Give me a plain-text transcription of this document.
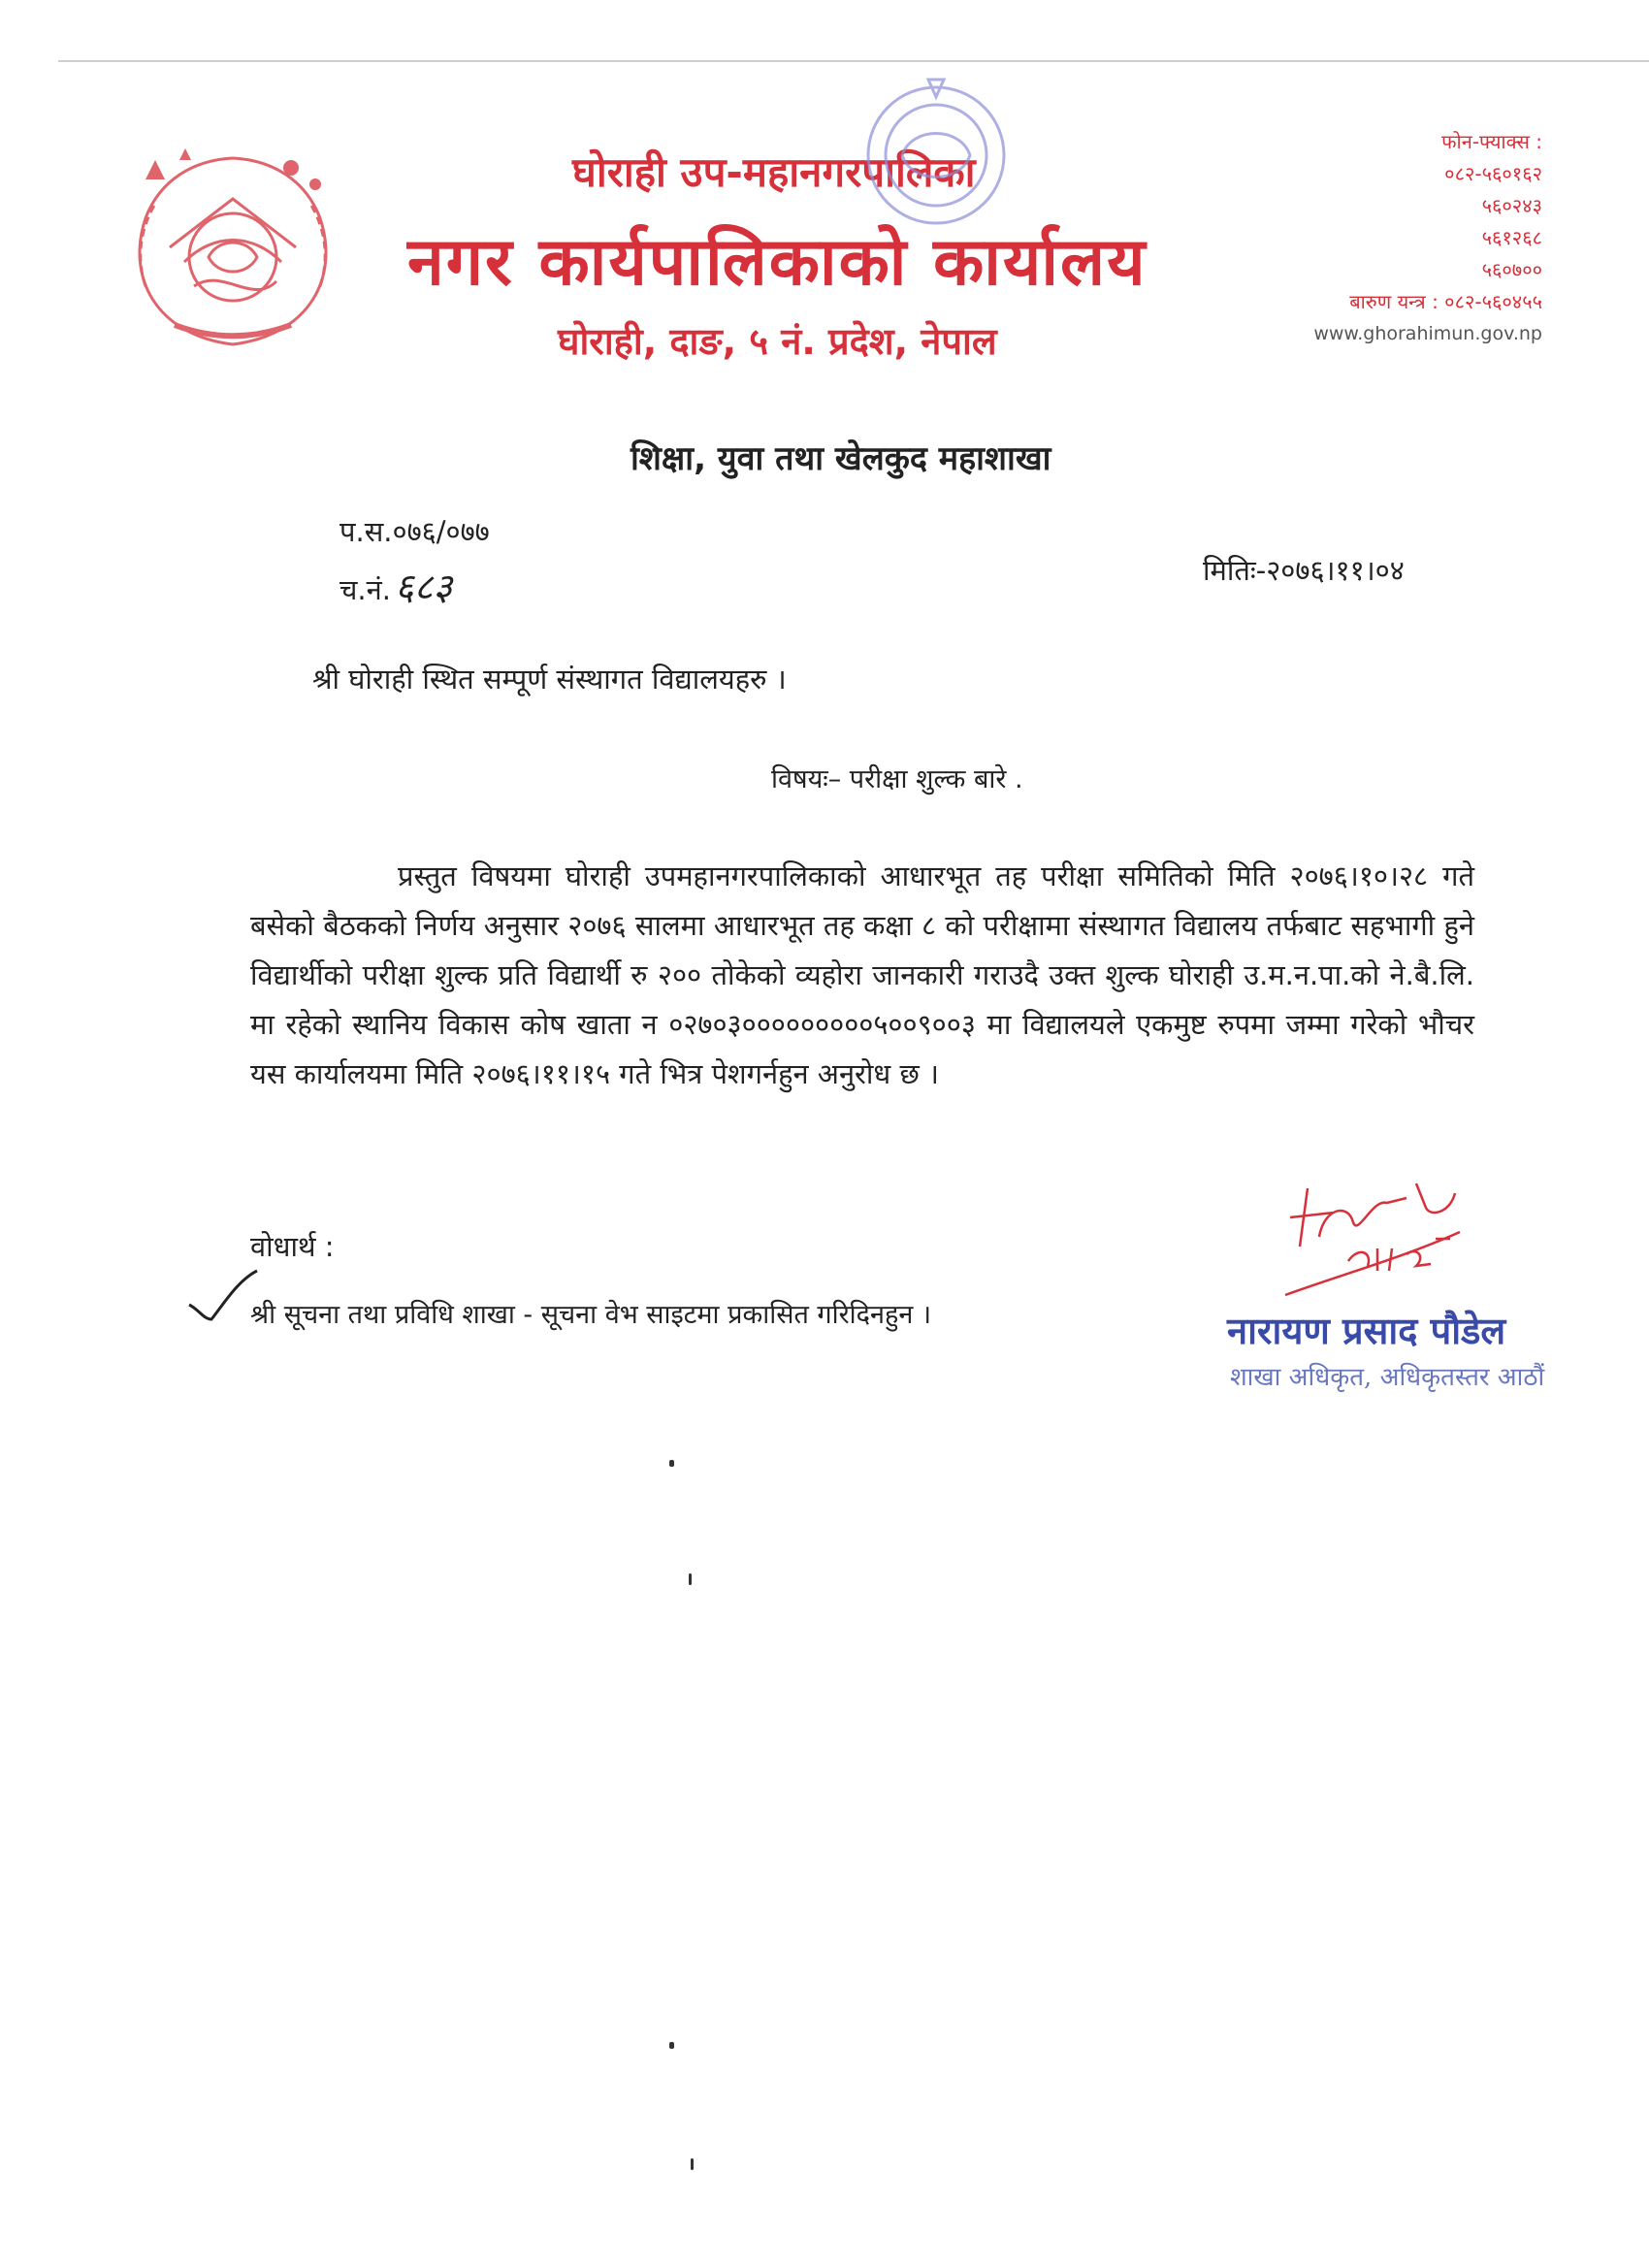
घोराही उप-महानगरपालिका
नगर कार्यपालिकाको कार्यालय
घोराही, दाङ, ५ नं. प्रदेश, नेपाल
फोन-फ्याक्स :
०८२-५६०१६२
५६०२४३
५६१२६८
५६०७००
बारुण यन्त्र : ०८२-५६०४५५
www.ghorahimun.gov.np
शिक्षा, युवा तथा खेलकुद महाशाखा
प.स.०७६/०७७
च.नं. ६८३	मितिः-२०७६।११।०४
श्री घोराही स्थित सम्पूर्ण संस्थागत विद्यालयहरु ।
विषयः– परीक्षा शुल्क बारे .

प्रस्तुत विषयमा घोराही उपमहानगरपालिकाको आधारभूत तह परीक्षा समितिको मिति २०७६।१०।२८ गते बसेको बैठकको निर्णय अनुसार २०७६ सालमा आधारभूत तह कक्षा ८ को परीक्षामा संस्थागत विद्यालय तर्फबाट सहभागी हुने विद्यार्थीको परीक्षा शुल्क प्रति विद्यार्थी रु २०० तोकेको व्यहोरा जानकारी गराउदै उक्त शुल्क घोराही उ.म.न.पा.को ने.बै.लि. मा रहेको स्थानिय विकास कोष खाता न ०२७०३०००००००००५००९००३ मा विद्यालयले एकमुष्ट रुपमा जम्मा गरेको भौचर यस कार्यालयमा मिति २०७६।११।१५ गते भित्र पेशगर्नहुन अनुरोध छ ।

वोधार्थ :
श्री सूचना तथा प्रविधि शाखा - सूचना वेभ साइटमा प्रकासित गरिदिनहुन ।	नारायण प्रसाद पौडेल
शाखा अधिकृत, अधिकृतस्तर आठौं
